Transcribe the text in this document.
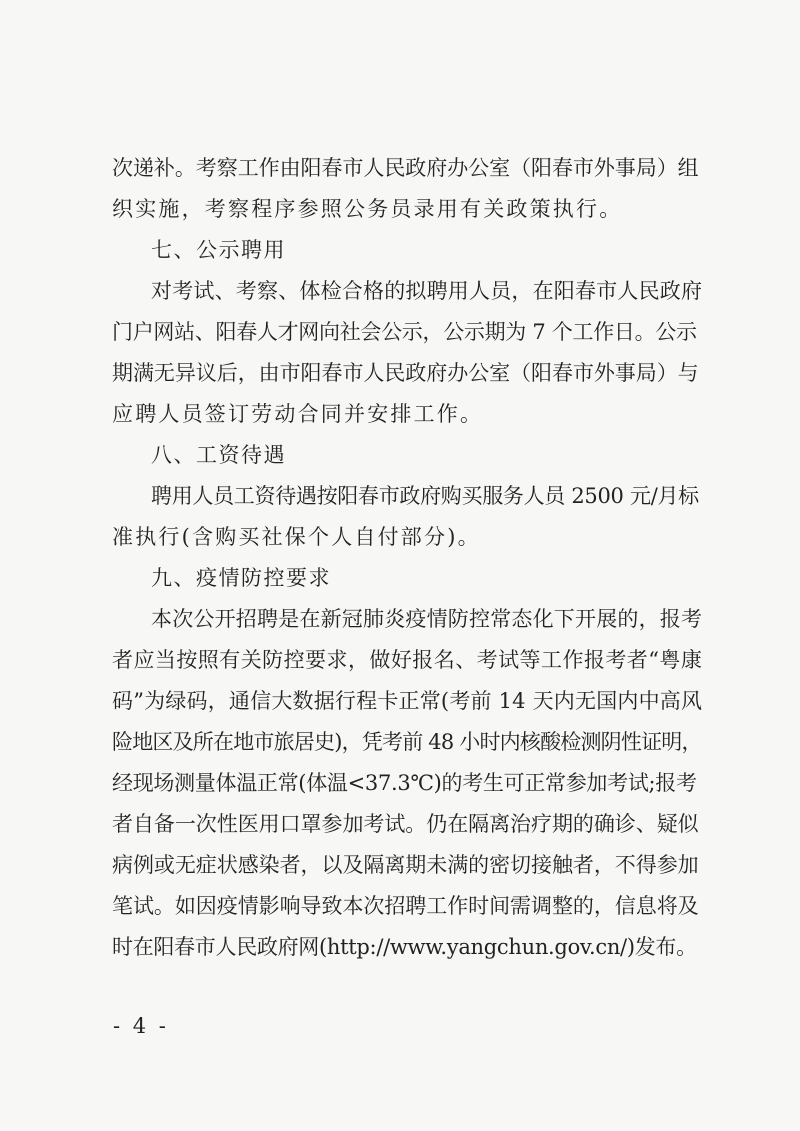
次递补。考察工作由阳春市人民政府办公室（阳春市外事局）组
织实施，考察程序参照公务员录用有关政策执行。
七、公示聘用
对考试、考察、体检合格的拟聘用人员，在阳春市人民政府
门户网站、阳春人才网向社会公示，公示期为 7 个工作日。公示
期满无异议后，由市阳春市人民政府办公室（阳春市外事局）与
应聘人员签订劳动合同并安排工作。
八、工资待遇
聘用人员工资待遇按阳春市政府购买服务人员 2500 元/月标
准执行(含购买社保个人自付部分)。
九、疫情防控要求
本次公开招聘是在新冠肺炎疫情防控常态化下开展的，报考
者应当按照有关防控要求，做好报名、考试等工作报考者“粤康
码”为绿码，通信大数据行程卡正常(考前 14 天内无国内中高风
险地区及所在地市旅居史)，凭考前 48 小时内核酸检测阴性证明，
经现场测量体温正常(体温<37.3℃)的考生可正常参加考试;报考
者自备一次性医用口罩参加考试。仍在隔离治疗期的确诊、疑似
病例或无症状感染者，以及隔离期未满的密切接触者，不得参加
笔试。如因疫情影响导致本次招聘工作时间需调整的，信息将及
时在阳春市人民政府网(http://www.yangchun.gov.cn/)发布。
- 4 -
